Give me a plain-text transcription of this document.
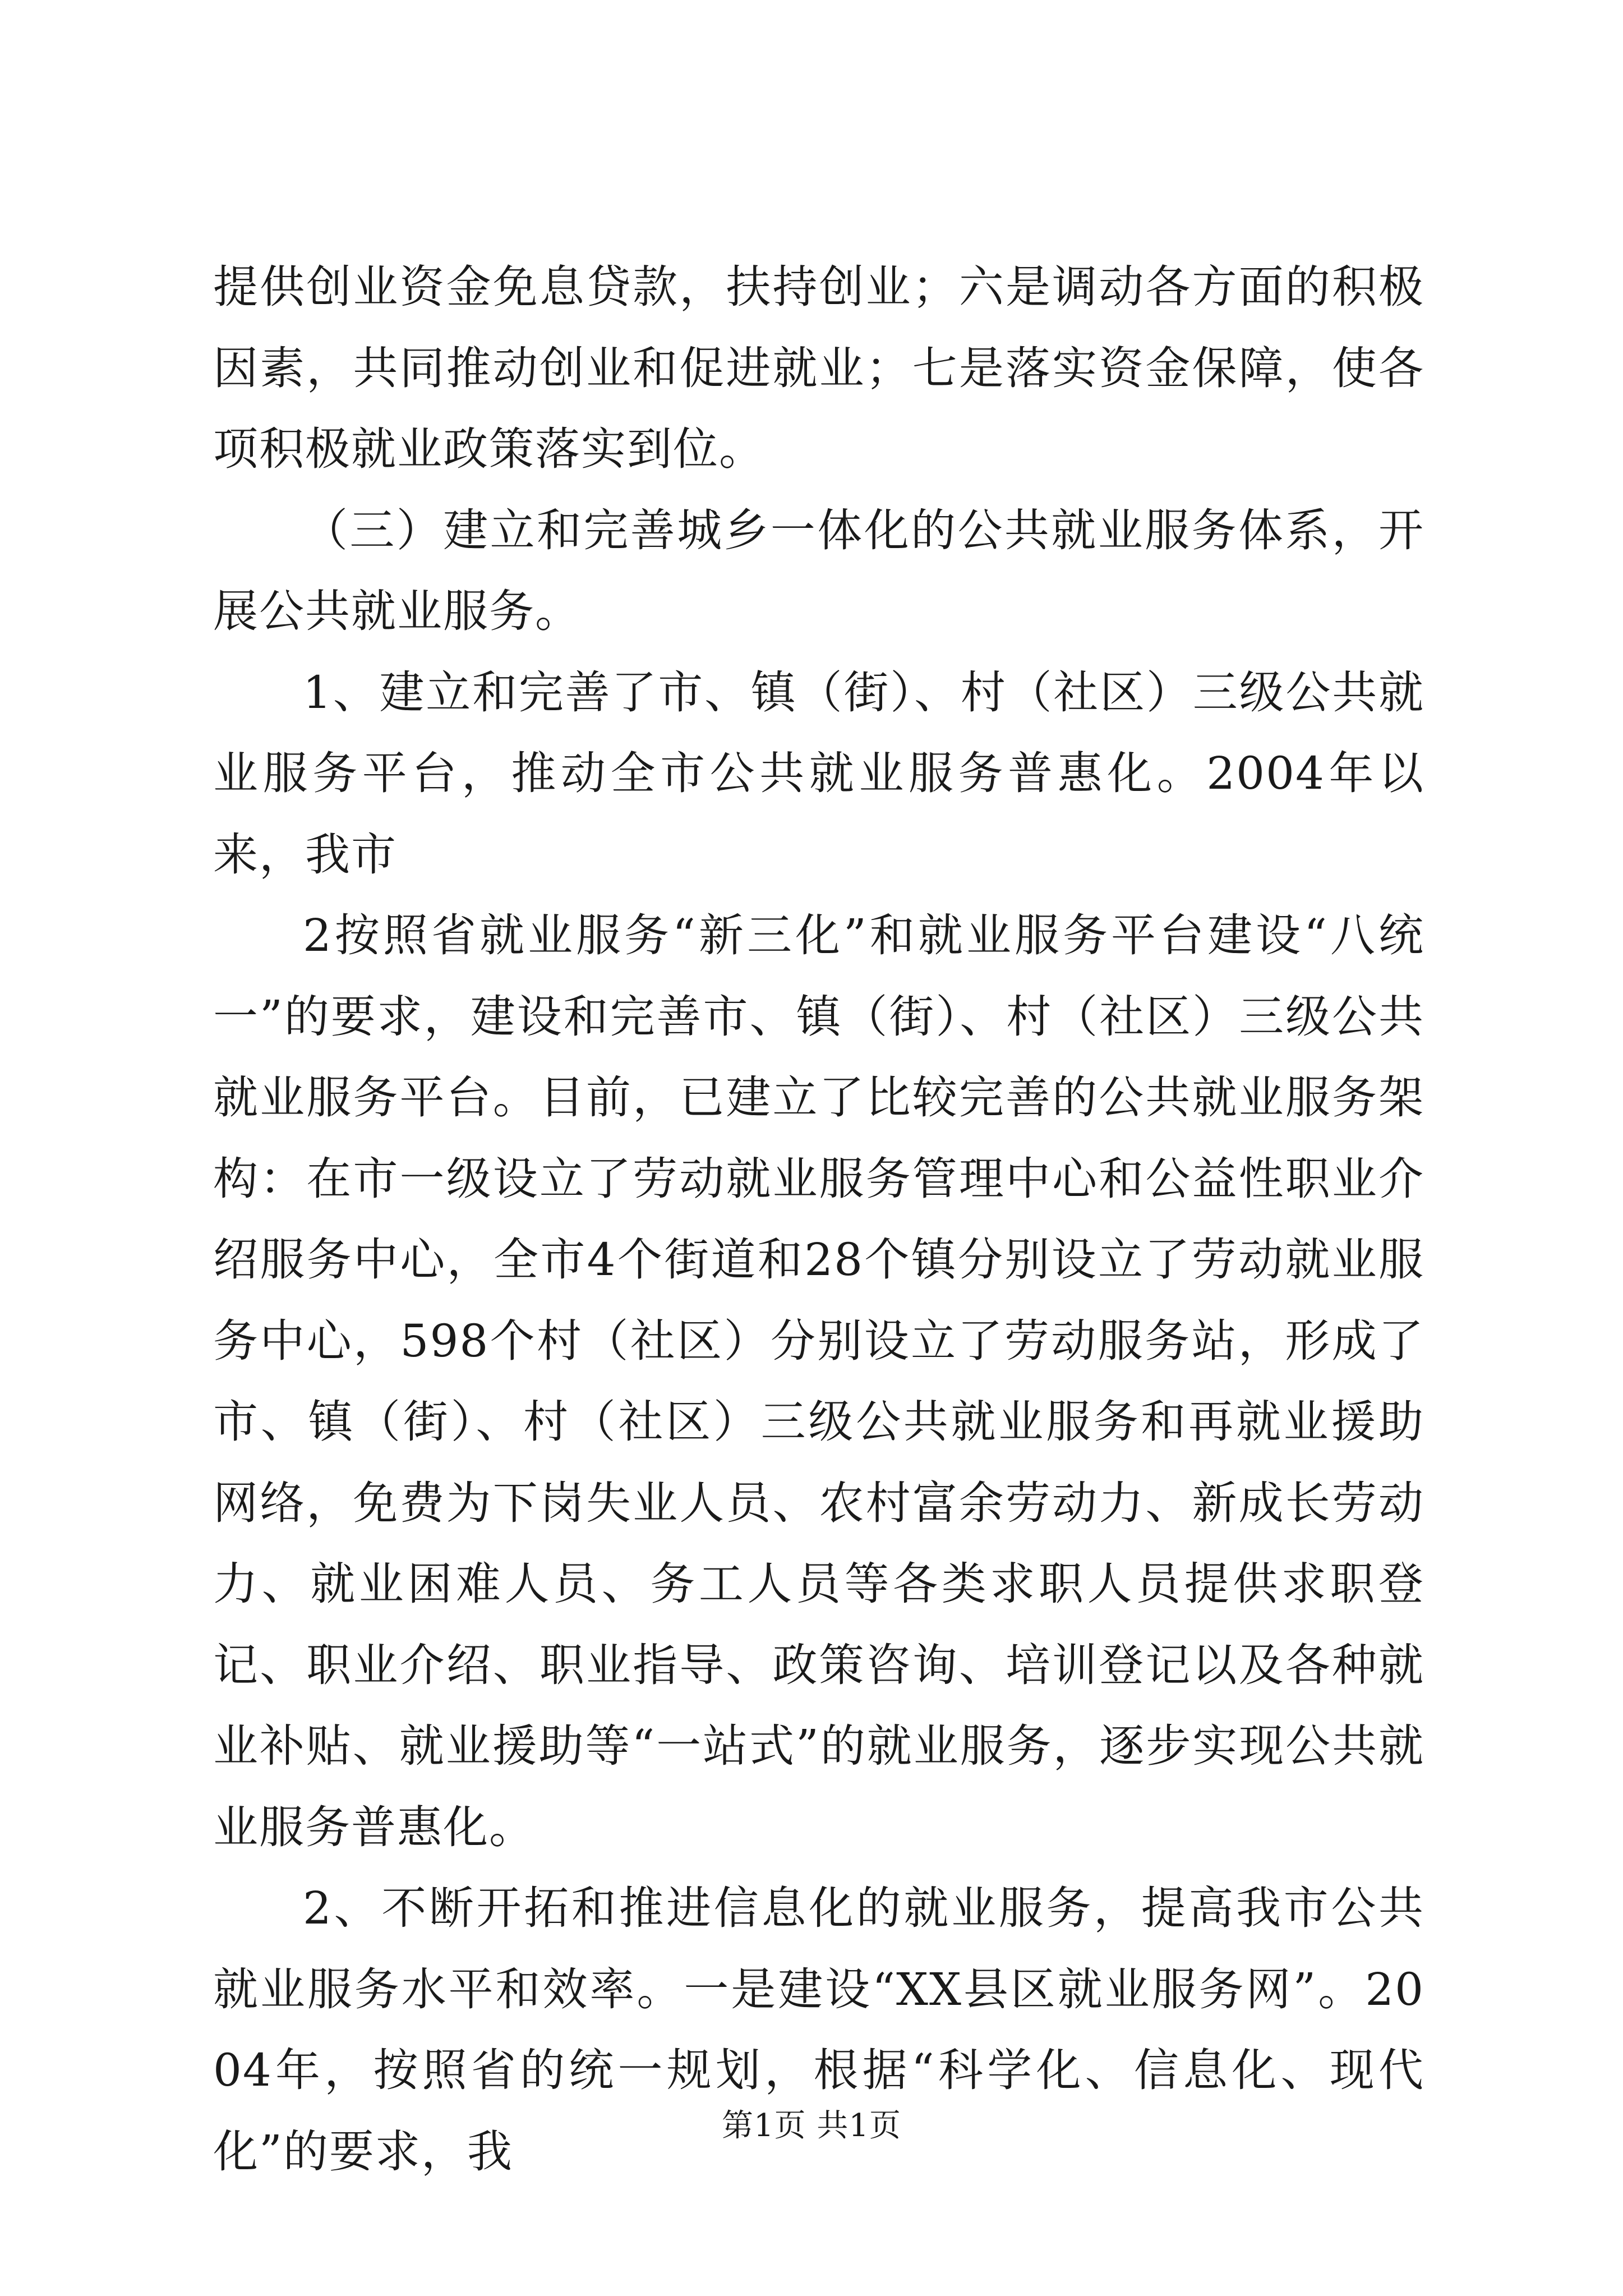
提供创业资金免息贷款，扶持创业；六是调动各方面的积极因素，共同推动创业和促进就业；七是落实资金保障，使各项积极就业政策落实到位。

（三）建立和完善城乡一体化的公共就业服务体系，开展公共就业服务。

1、建立和完善了市、镇（街）、村（社区）三级公共就业服务平台，推动全市公共就业服务普惠化。2004年以来，我市

2按照省就业服务“新三化”和就业服务平台建设“八统一”的要求，建设和完善市、镇（街）、村（社区）三级公共就业服务平台。目前，已建立了比较完善的公共就业服务架构：在市一级设立了劳动就业服务管理中心和公益性职业介绍服务中心，全市4个街道和28个镇分别设立了劳动就业服务中心，598个村（社区）分别设立了劳动服务站，形成了市、镇（街）、村（社区）三级公共就业服务和再就业援助网络，免费为下岗失业人员、农村富余劳动力、新成长劳动力、就业困难人员、务工人员等各类求职人员提供求职登记、职业介绍、职业指导、政策咨询、培训登记以及各种就业补贴、就业援助等“一站式”的就业服务，逐步实现公共就业服务普惠化。

2、不断开拓和推进信息化的就业服务，提高我市公共就业服务水平和效率。一是建设“XX县区就业服务网”。2004年，按照省的统一规划，根据“科学化、信息化、现代化”的要求，我	第1页 共1页
